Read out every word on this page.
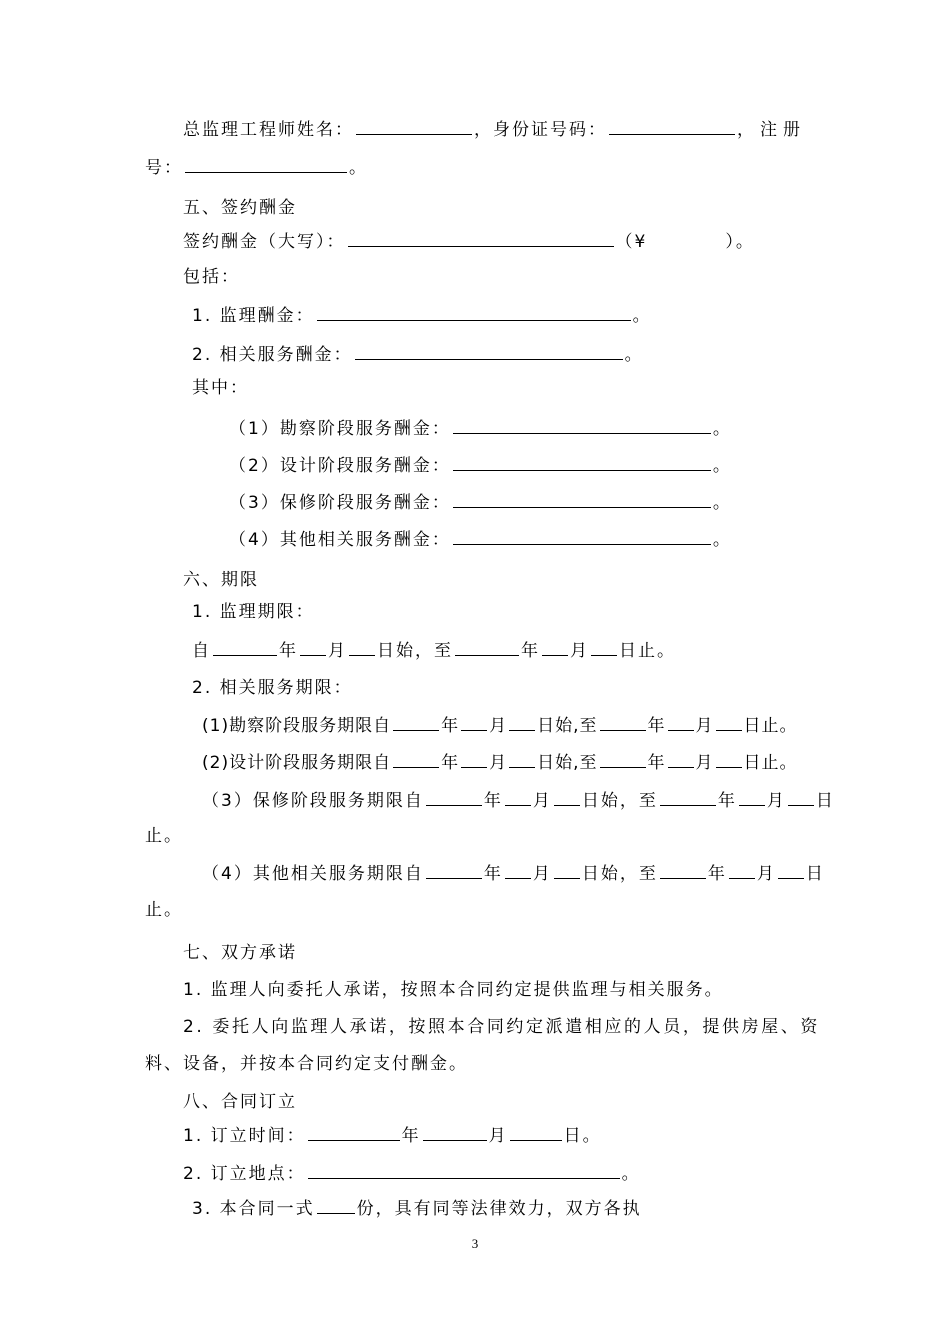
总监理工程师姓名：	，身份证号码：	，注册
号：	。
五、签约酬金
签约酬金（大写）：	（¥	）。
包括：
1. 监理酬金：	。
2. 相关服务酬金：	。
其中：
（1）勘察阶段服务酬金：	。
（2）设计阶段服务酬金：	。
（3）保修阶段服务酬金：	。
（4）其他相关服务酬金：	。
六、期限
1. 监理期限：
自	年 月 日始，至	年 月 日止。
2. 相关服务期限：
(1)勘察阶段服务期限自	年 月 日始,至	年 月 日止。
(2)设计阶段服务期限自	年 月 日始,至	年 月 日止。
（3）保修阶段服务期限自	年 月 日始，至	年 月 日
止。
（4）其他相关服务期限自	年 月 日始，至	年 月 日
止。
七、双方承诺
1. 监理人向委托人承诺，按照本合同约定提供监理与相关服务。
2. 委托人向监理人承诺，按照本合同约定派遣相应的人员，提供房屋、资
料、设备，并按本合同约定支付酬金。
八、合同订立
1. 订立时间：	年	月	日。
2. 订立地点：	。
3. 本合同一式 份，具有同等法律效力，双方各执
3
